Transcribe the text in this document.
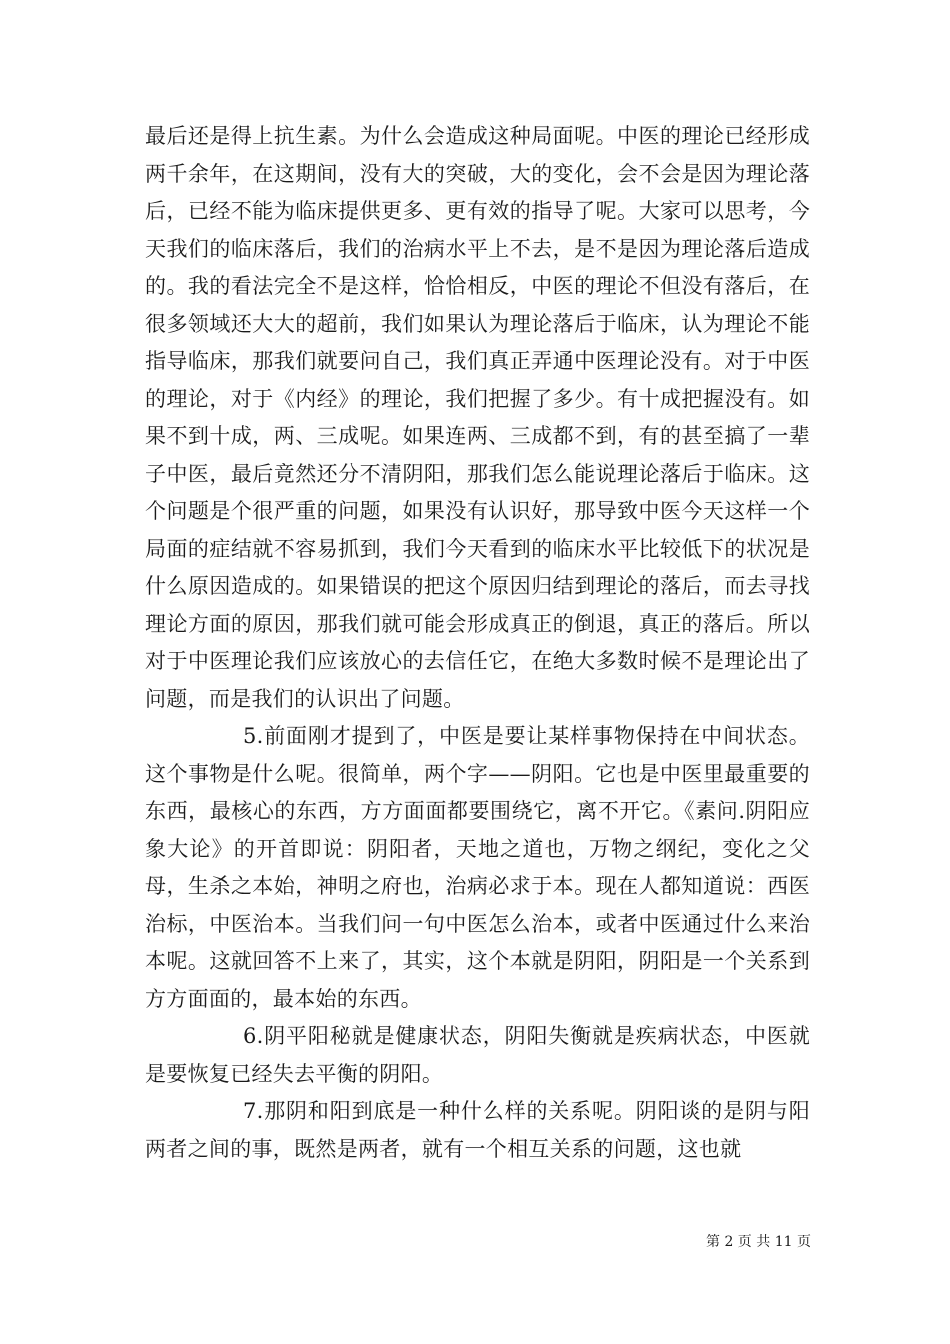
最后还是得上抗生素。为什么会造成这种局面呢。中医的理论已经形成两千余年，在这期间，没有大的突破，大的变化，会不会是因为理论落后，已经不能为临床提供更多、更有效的指导了呢。大家可以思考，今天我们的临床落后，我们的治病水平上不去，是不是因为理论落后造成的。我的看法完全不是这样，恰恰相反，中医的理论不但没有落后，在很多领域还大大的超前，我们如果认为理论落后于临床，认为理论不能指导临床，那我们就要问自己，我们真正弄通中医理论没有。对于中医的理论，对于《内经》的理论，我们把握了多少。有十成把握没有。如果不到十成，两、三成呢。如果连两、三成都不到，有的甚至搞了一辈子中医，最后竟然还分不清阴阳，那我们怎么能说理论落后于临床。这个问题是个很严重的问题，如果没有认识好，那导致中医今天这样一个局面的症结就不容易抓到，我们今天看到的临床水平比较低下的状况是什么原因造成的。如果错误的把这个原因归结到理论的落后，而去寻找理论方面的原因，那我们就可能会形成真正的倒退，真正的落后。所以对于中医理论我们应该放心的去信任它，在绝大多数时候不是理论出了问题，而是我们的认识出了问题。

5.前面刚才提到了，中医是要让某样事物保持在中间状态。这个事物是什么呢。很简单，两个字——阴阳。它也是中医里最重要的东西，最核心的东西，方方面面都要围绕它，离不开它。《素问.阴阳应象大论》的开首即说：阴阳者，天地之道也，万物之纲纪，变化之父母，生杀之本始，神明之府也，治病必求于本。现在人都知道说：西医治标，中医治本。当我们问一句中医怎么治本，或者中医通过什么来治本呢。这就回答不上来了，其实，这个本就是阴阳，阴阳是一个关系到方方面面的，最本始的东西。

6.阴平阳秘就是健康状态，阴阳失衡就是疾病状态，中医就是要恢复已经失去平衡的阴阳。

7.那阴和阳到底是一种什么样的关系呢。阴阳谈的是阴与阳两者之间的事，既然是两者，就有一个相互关系的问题，这也就

第 2 页 共 11 页
